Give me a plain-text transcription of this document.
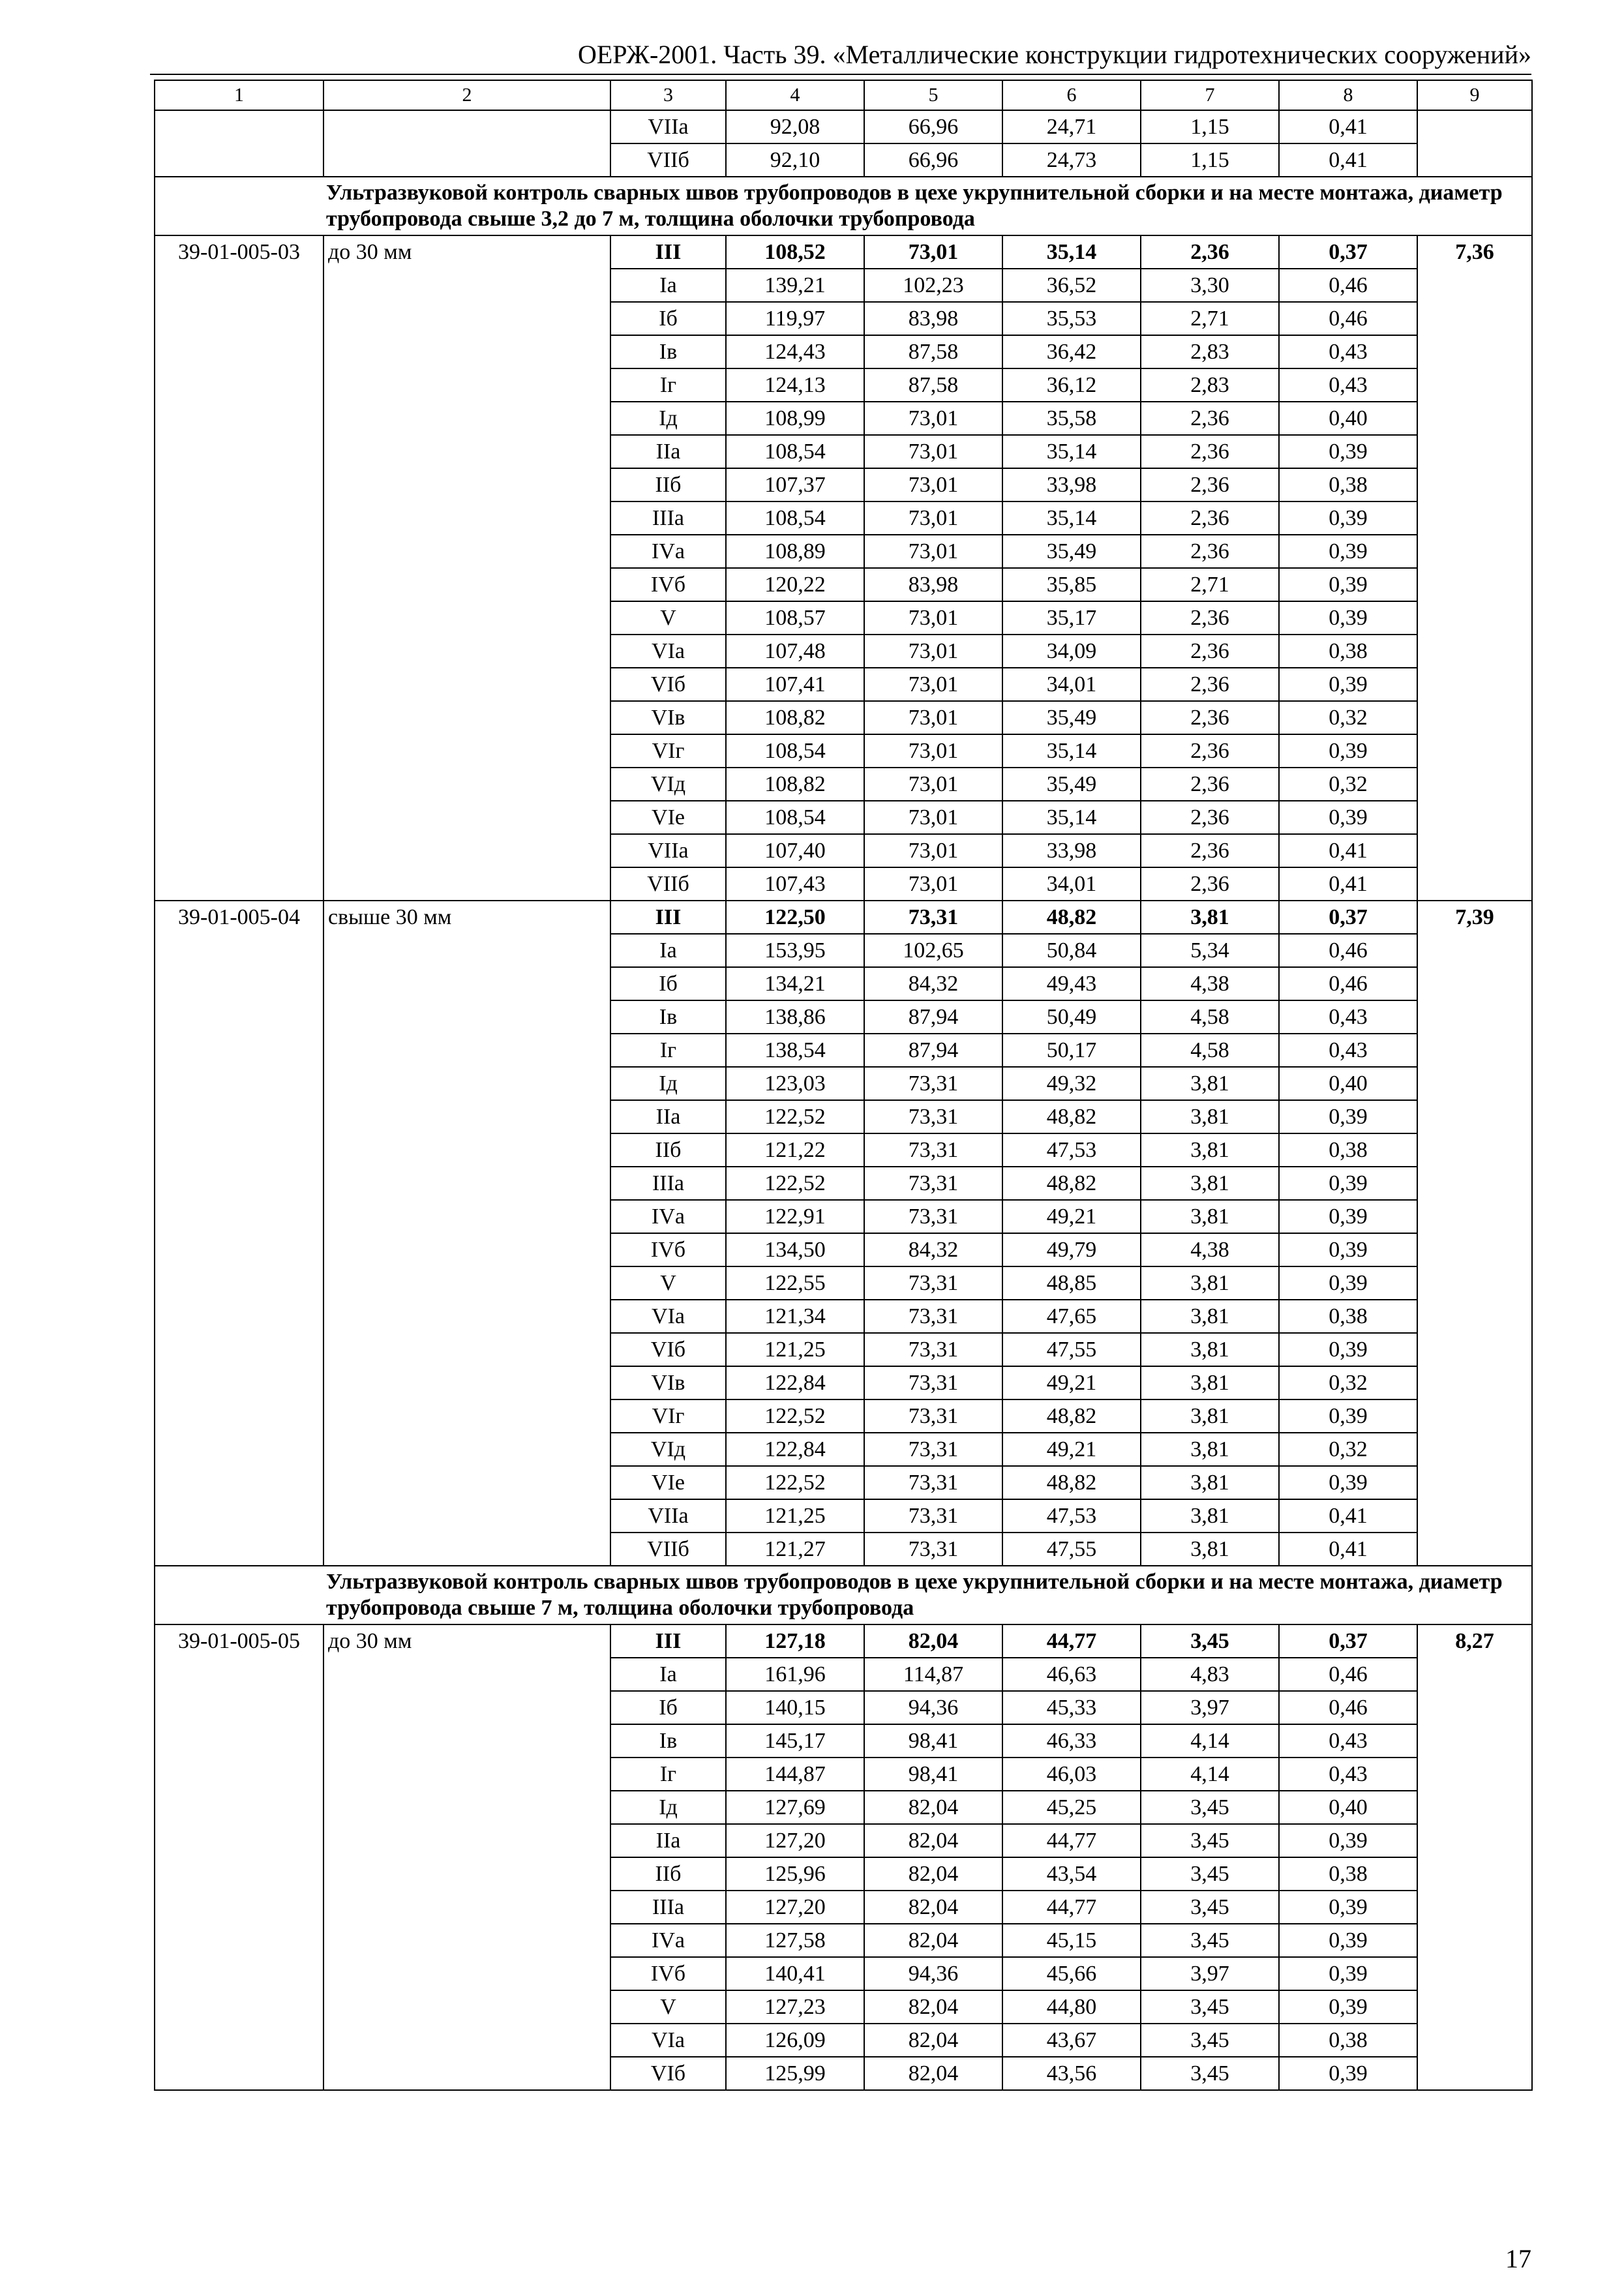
ОЕРЖ-2001. Часть 39. «Металлические конструкции гидротехнических сооружений»
1	2	3	4	5	6	7	8	9
		VIIа	92,08	66,96	24,71	1,15	0,41	
		VIIб	92,10	66,96	24,73	1,15	0,41	
Ультразвуковой контроль сварных швов трубопроводов в цехе укрупнительной сборки и на месте монтажа, диаметр трубопровода свыше 3,2 до 7 м, толщина оболочки трубопровода								
39-01-005-03	до 30 мм	III	108,52	73,01	35,14	2,36	0,37	7,36
		Iа	139,21	102,23	36,52	3,30	0,46	
		Iб	119,97	83,98	35,53	2,71	0,46	
		Iв	124,43	87,58	36,42	2,83	0,43	
		Iг	124,13	87,58	36,12	2,83	0,43	
		Iд	108,99	73,01	35,58	2,36	0,40	
		IIа	108,54	73,01	35,14	2,36	0,39	
		IIб	107,37	73,01	33,98	2,36	0,38	
		IIIа	108,54	73,01	35,14	2,36	0,39	
		IVа	108,89	73,01	35,49	2,36	0,39	
		IVб	120,22	83,98	35,85	2,71	0,39	
		V	108,57	73,01	35,17	2,36	0,39	
		VIа	107,48	73,01	34,09	2,36	0,38	
		VIб	107,41	73,01	34,01	2,36	0,39	
		VIв	108,82	73,01	35,49	2,36	0,32	
		VIг	108,54	73,01	35,14	2,36	0,39	
		VIд	108,82	73,01	35,49	2,36	0,32	
		VIе	108,54	73,01	35,14	2,36	0,39	
		VIIа	107,40	73,01	33,98	2,36	0,41	
		VIIб	107,43	73,01	34,01	2,36	0,41	
39-01-005-04	свыше 30 мм	III	122,50	73,31	48,82	3,81	0,37	7,39
		Iа	153,95	102,65	50,84	5,34	0,46	
		Iб	134,21	84,32	49,43	4,38	0,46	
		Iв	138,86	87,94	50,49	4,58	0,43	
		Iг	138,54	87,94	50,17	4,58	0,43	
		Iд	123,03	73,31	49,32	3,81	0,40	
		IIа	122,52	73,31	48,82	3,81	0,39	
		IIб	121,22	73,31	47,53	3,81	0,38	
		IIIа	122,52	73,31	48,82	3,81	0,39	
		IVа	122,91	73,31	49,21	3,81	0,39	
		IVб	134,50	84,32	49,79	4,38	0,39	
		V	122,55	73,31	48,85	3,81	0,39	
		VIа	121,34	73,31	47,65	3,81	0,38	
		VIб	121,25	73,31	47,55	3,81	0,39	
		VIв	122,84	73,31	49,21	3,81	0,32	
		VIг	122,52	73,31	48,82	3,81	0,39	
		VIд	122,84	73,31	49,21	3,81	0,32	
		VIе	122,52	73,31	48,82	3,81	0,39	
		VIIа	121,25	73,31	47,53	3,81	0,41	
		VIIб	121,27	73,31	47,55	3,81	0,41	
Ультразвуковой контроль сварных швов трубопроводов в цехе укрупнительной сборки и на месте монтажа, диаметр трубопровода свыше 7 м, толщина оболочки трубопровода								
39-01-005-05	до 30 мм	III	127,18	82,04	44,77	3,45	0,37	8,27
		Iа	161,96	114,87	46,63	4,83	0,46	
		Iб	140,15	94,36	45,33	3,97	0,46	
		Iв	145,17	98,41	46,33	4,14	0,43	
		Iг	144,87	98,41	46,03	4,14	0,43	
		Iд	127,69	82,04	45,25	3,45	0,40	
		IIа	127,20	82,04	44,77	3,45	0,39	
		IIб	125,96	82,04	43,54	3,45	0,38	
		IIIа	127,20	82,04	44,77	3,45	0,39	
		IVа	127,58	82,04	45,15	3,45	0,39	
		IVб	140,41	94,36	45,66	3,97	0,39	
		V	127,23	82,04	44,80	3,45	0,39	
		VIа	126,09	82,04	43,67	3,45	0,38	
		VIб	125,99	82,04	43,56	3,45	0,39	
17
